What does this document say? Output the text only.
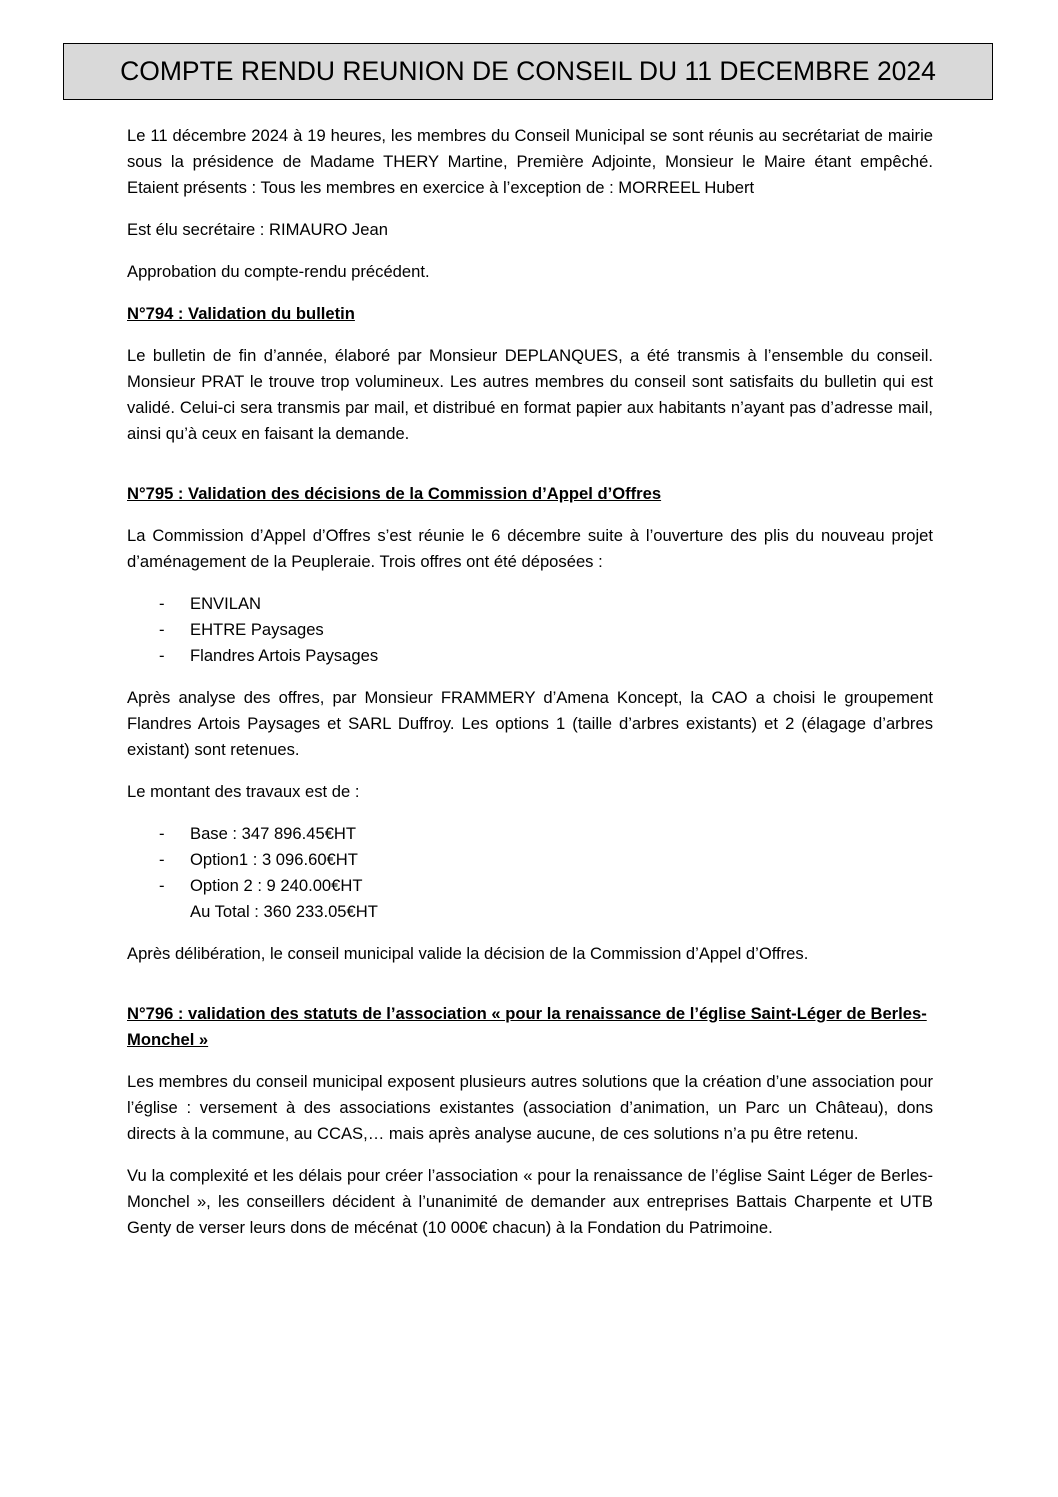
COMPTE RENDU REUNION DE CONSEIL DU 11 DECEMBRE 2024

Le 11 décembre 2024 à 19 heures, les membres du Conseil Municipal se sont réunis au secrétariat de mairie sous la présidence de Madame THERY Martine, Première Adjointe, Monsieur le Maire étant empêché. Etaient présents : Tous les membres en exercice à l’exception de : MORREEL Hubert

Est élu secrétaire : RIMAURO Jean

Approbation du compte-rendu précédent.

N°794 : Validation du bulletin

Le bulletin de fin d’année, élaboré par Monsieur DEPLANQUES, a été transmis à l’ensemble du conseil. Monsieur PRAT le trouve trop volumineux. Les autres membres du conseil sont satisfaits du bulletin qui est validé. Celui-ci sera transmis par mail, et distribué en format papier aux habitants n’ayant pas d’adresse mail, ainsi qu’à ceux en faisant la demande.

N°795 : Validation des décisions de la Commission d’Appel d’Offres

La Commission d’Appel d’Offres s’est réunie le 6 décembre suite à l’ouverture des plis du nouveau projet d’aménagement de la Peupleraie. Trois offres ont été déposées :

- ENVILAN
- EHTRE Paysages
- Flandres Artois Paysages

Après analyse des offres, par Monsieur FRAMMERY d’Amena Koncept, la CAO a choisi le groupement Flandres Artois Paysages et SARL Duffroy. Les options 1 (taille d’arbres existants) et 2 (élagage d’arbres existant) sont retenues.

Le montant des travaux est de :

- Base : 347 896.45€HT
- Option1 : 3 096.60€HT
- Option 2 : 9 240.00€HT
Au Total : 360 233.05€HT

Après délibération, le conseil municipal valide la décision de la Commission d’Appel d’Offres.

N°796 : validation des statuts de l’association « pour la renaissance de l’église Saint-Léger de Berles-Monchel »

Les membres du conseil municipal exposent plusieurs autres solutions que la création d’une association pour l’église : versement à des associations existantes (association d’animation, un Parc un Château), dons directs à la commune, au CCAS,… mais après analyse aucune, de ces solutions n’a pu être retenu.

Vu la complexité et les délais pour créer l’association « pour la renaissance de l’église Saint Léger de Berles-Monchel », les conseillers décident à l’unanimité de demander aux entreprises Battais Charpente et UTB Genty de verser leurs dons de mécénat (10 000€ chacun) à la Fondation du Patrimoine.
